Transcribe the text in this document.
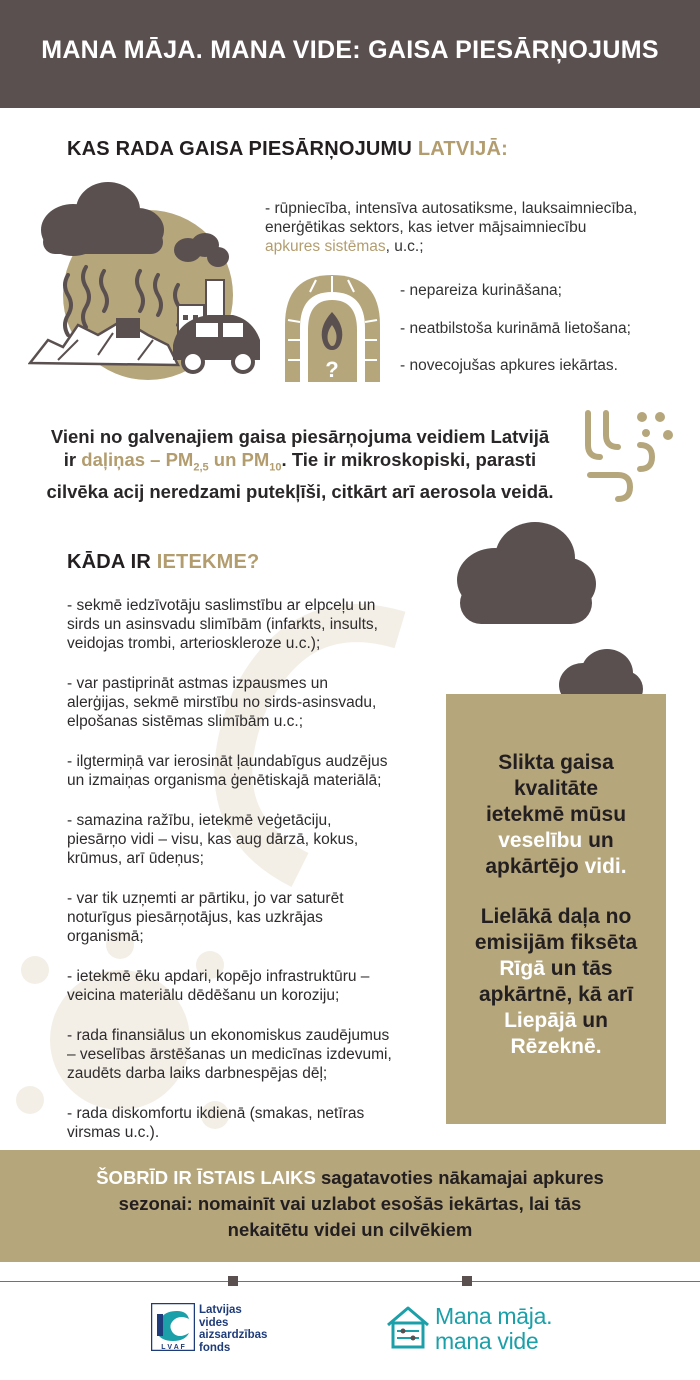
MANA MĀJA. MANA VIDE: GAISA PIESĀRŅOJUMS
KAS RADA GAISA PIESĀRŅOJUMU LATVIJĀ:
- rūpniecība, intensīva autosatiksme, lauksaimniecība,
enerģētikas sektors, kas ietver mājsaimniecību
apkures sistēmas, u.c.;
?
- nepareiza kurināšana;
- neatbilstoša kurināmā lietošana;
- novecojušas apkures iekārtas.
Vieni no galvenajiem gaisa piesārņojuma veidiem Latvijā
ir daļiņas – $PM_{2,5}$ un $PM_{10}$. Tie ir mikroskopiski, parasti
cilvēka acij neredzami putekļīši, citkārt arī aerosola veidā.
KĀDA IR IETEKME?
- sekmē iedzīvotāju saslimstību ar elpceļu un
sirds un asinsvadu slimībām (infarkts, insults,
veidojas trombi, arterioskleroze u.c.);
- var pastiprināt astmas izpausmes un
alerģijas, sekmē mirstību no sirds-asinsvadu,
elpošanas sistēmas slimībām u.c.;
- ilgtermiņā var ierosināt ļaundabīgus audzējus
un izmaiņas organisma ģenētiskajā materiālā;
- samazina ražību, ietekmē veģetāciju,
piesārņo vidi – visu, kas aug dārzā, kokus,
krūmus, arī ūdeņus;
- var tik uzņemti ar pārtiku, jo var saturēt
noturīgus piesārņotājus, kas uzkrājas
organismā;
- ietekmē ēku apdari, kopējo infrastruktūru –
veicina materiālu dēdēšanu un koroziju;
- rada finansiālus un ekonomiskus zaudējumus
– veselības ārstēšanas un medicīnas izdevumi,
zaudēts darba laiks darbnespējas dēļ;
- rada diskomfortu ikdienā (smakas, netīras
virsmas u.c.).
Slikta gaisa
kvalitāte
ietekmē mūsu
veselību un
apkārtējo vidi.
Lielākā daļa no
emisijām fiksēta
Rīgā un tās
apkārtnē, kā arī
Liepājā un
Rēzeknē.
ŠOBRĪD IR ĪSTAIS LAIKS sagatavoties nākamajai apkures
sezonai: nomainīt vai uzlabot esošās iekārtas, lai tās
nekaitētu videi un cilvēkiem
L V A F
Latvijas
vides
aizsardzības
fonds
Mana māja.
mana vide
